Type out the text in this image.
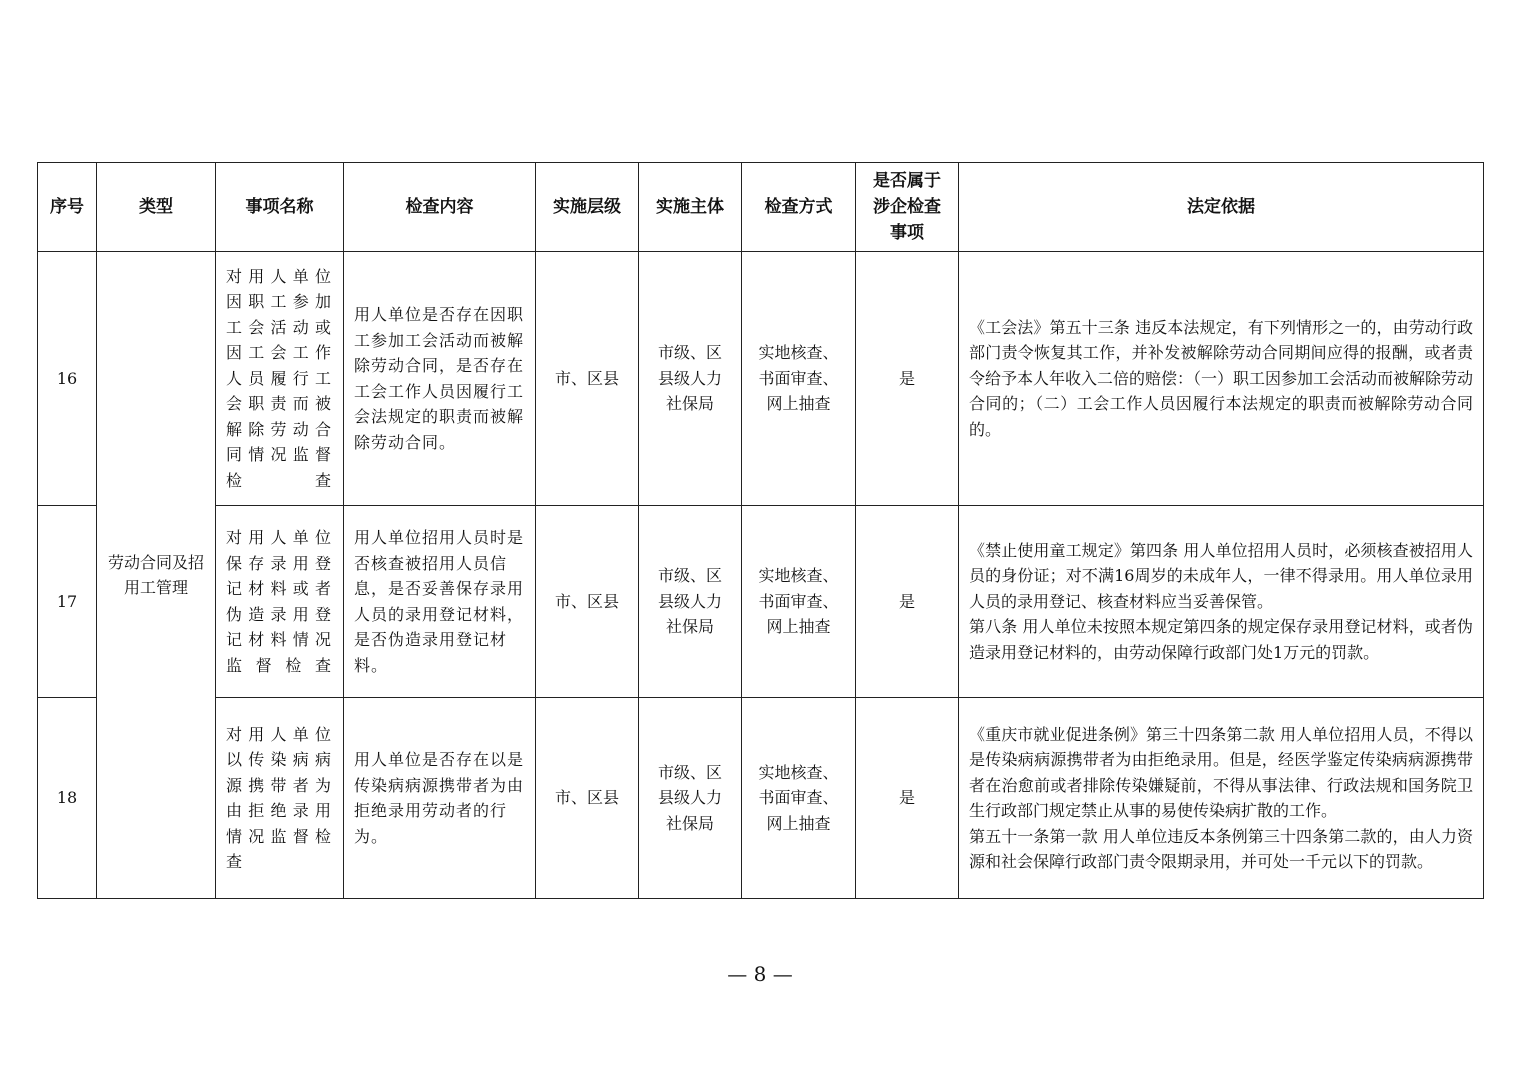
序号	类型	事项名称	检查内容	实施层级	实施主体	检查方式	是否属于涉企检查事项	法定依据
16	劳动合同及招用工管理	对用人单位因职工参加工会活动或因工会工作人员履行工会职责而被解除劳动合同情况监督检查	用人单位是否存在因职工参加工会活动而被解除劳动合同，是否存在工会工作人员因履行工会法规定的职责而被解除劳动合同。	市、区县	市级、区县级人力社保局	实地核查、书面审查、网上抽查	是	《工会法》第五十三条 违反本法规定，有下列情形之一的，由劳动行政部门责令恢复其工作，并补发被解除劳动合同期间应得的报酬，或者责令给予本人年收入二倍的赔偿：（一）职工因参加工会活动而被解除劳动合同的；（二）工会工作人员因履行本法规定的职责而被解除劳动合同的。

17		对用人单位保存录用登记材料或者伪造录用登记材料情况监督检查	用人单位招用人员时是否核查被招用人员信息，是否妥善保存录用人员的录用登记材料，是否伪造录用登记材料。	市、区县	市级、区县级人力社保局	实地核查、书面审查、网上抽查	是	《禁止使用童工规定》第四条 用人单位招用人员时，必须核查被招用人员的身份证；对不满16周岁的未成年人，一律不得录用。用人单位录用人员的录用登记、核查材料应当妥善保管。

第八条 用人单位未按照本规定第四条的规定保存录用登记材料，或者伪造录用登记材料的，由劳动保障行政部门处1万元的罚款。

18		对用人单位以传染病病源携带者为由拒绝录用情况监督检查	用人单位是否存在以是传染病病源携带者为由拒绝录用劳动者的行为。	市、区县	市级、区县级人力社保局	实地核查、书面审查、网上抽查	是	《重庆市就业促进条例》第三十四条第二款 用人单位招用人员，不得以是传染病病源携带者为由拒绝录用。但是，经医学鉴定传染病病源携带者在治愈前或者排除传染嫌疑前，不得从事法律、行政法规和国务院卫生行政部门规定禁止从事的易使传染病扩散的工作。

第五十一条第一款 用人单位违反本条例第三十四条第二款的，由人力资源和社会保障行政部门责令限期录用，并可处一千元以下的罚款。

— 8 —
